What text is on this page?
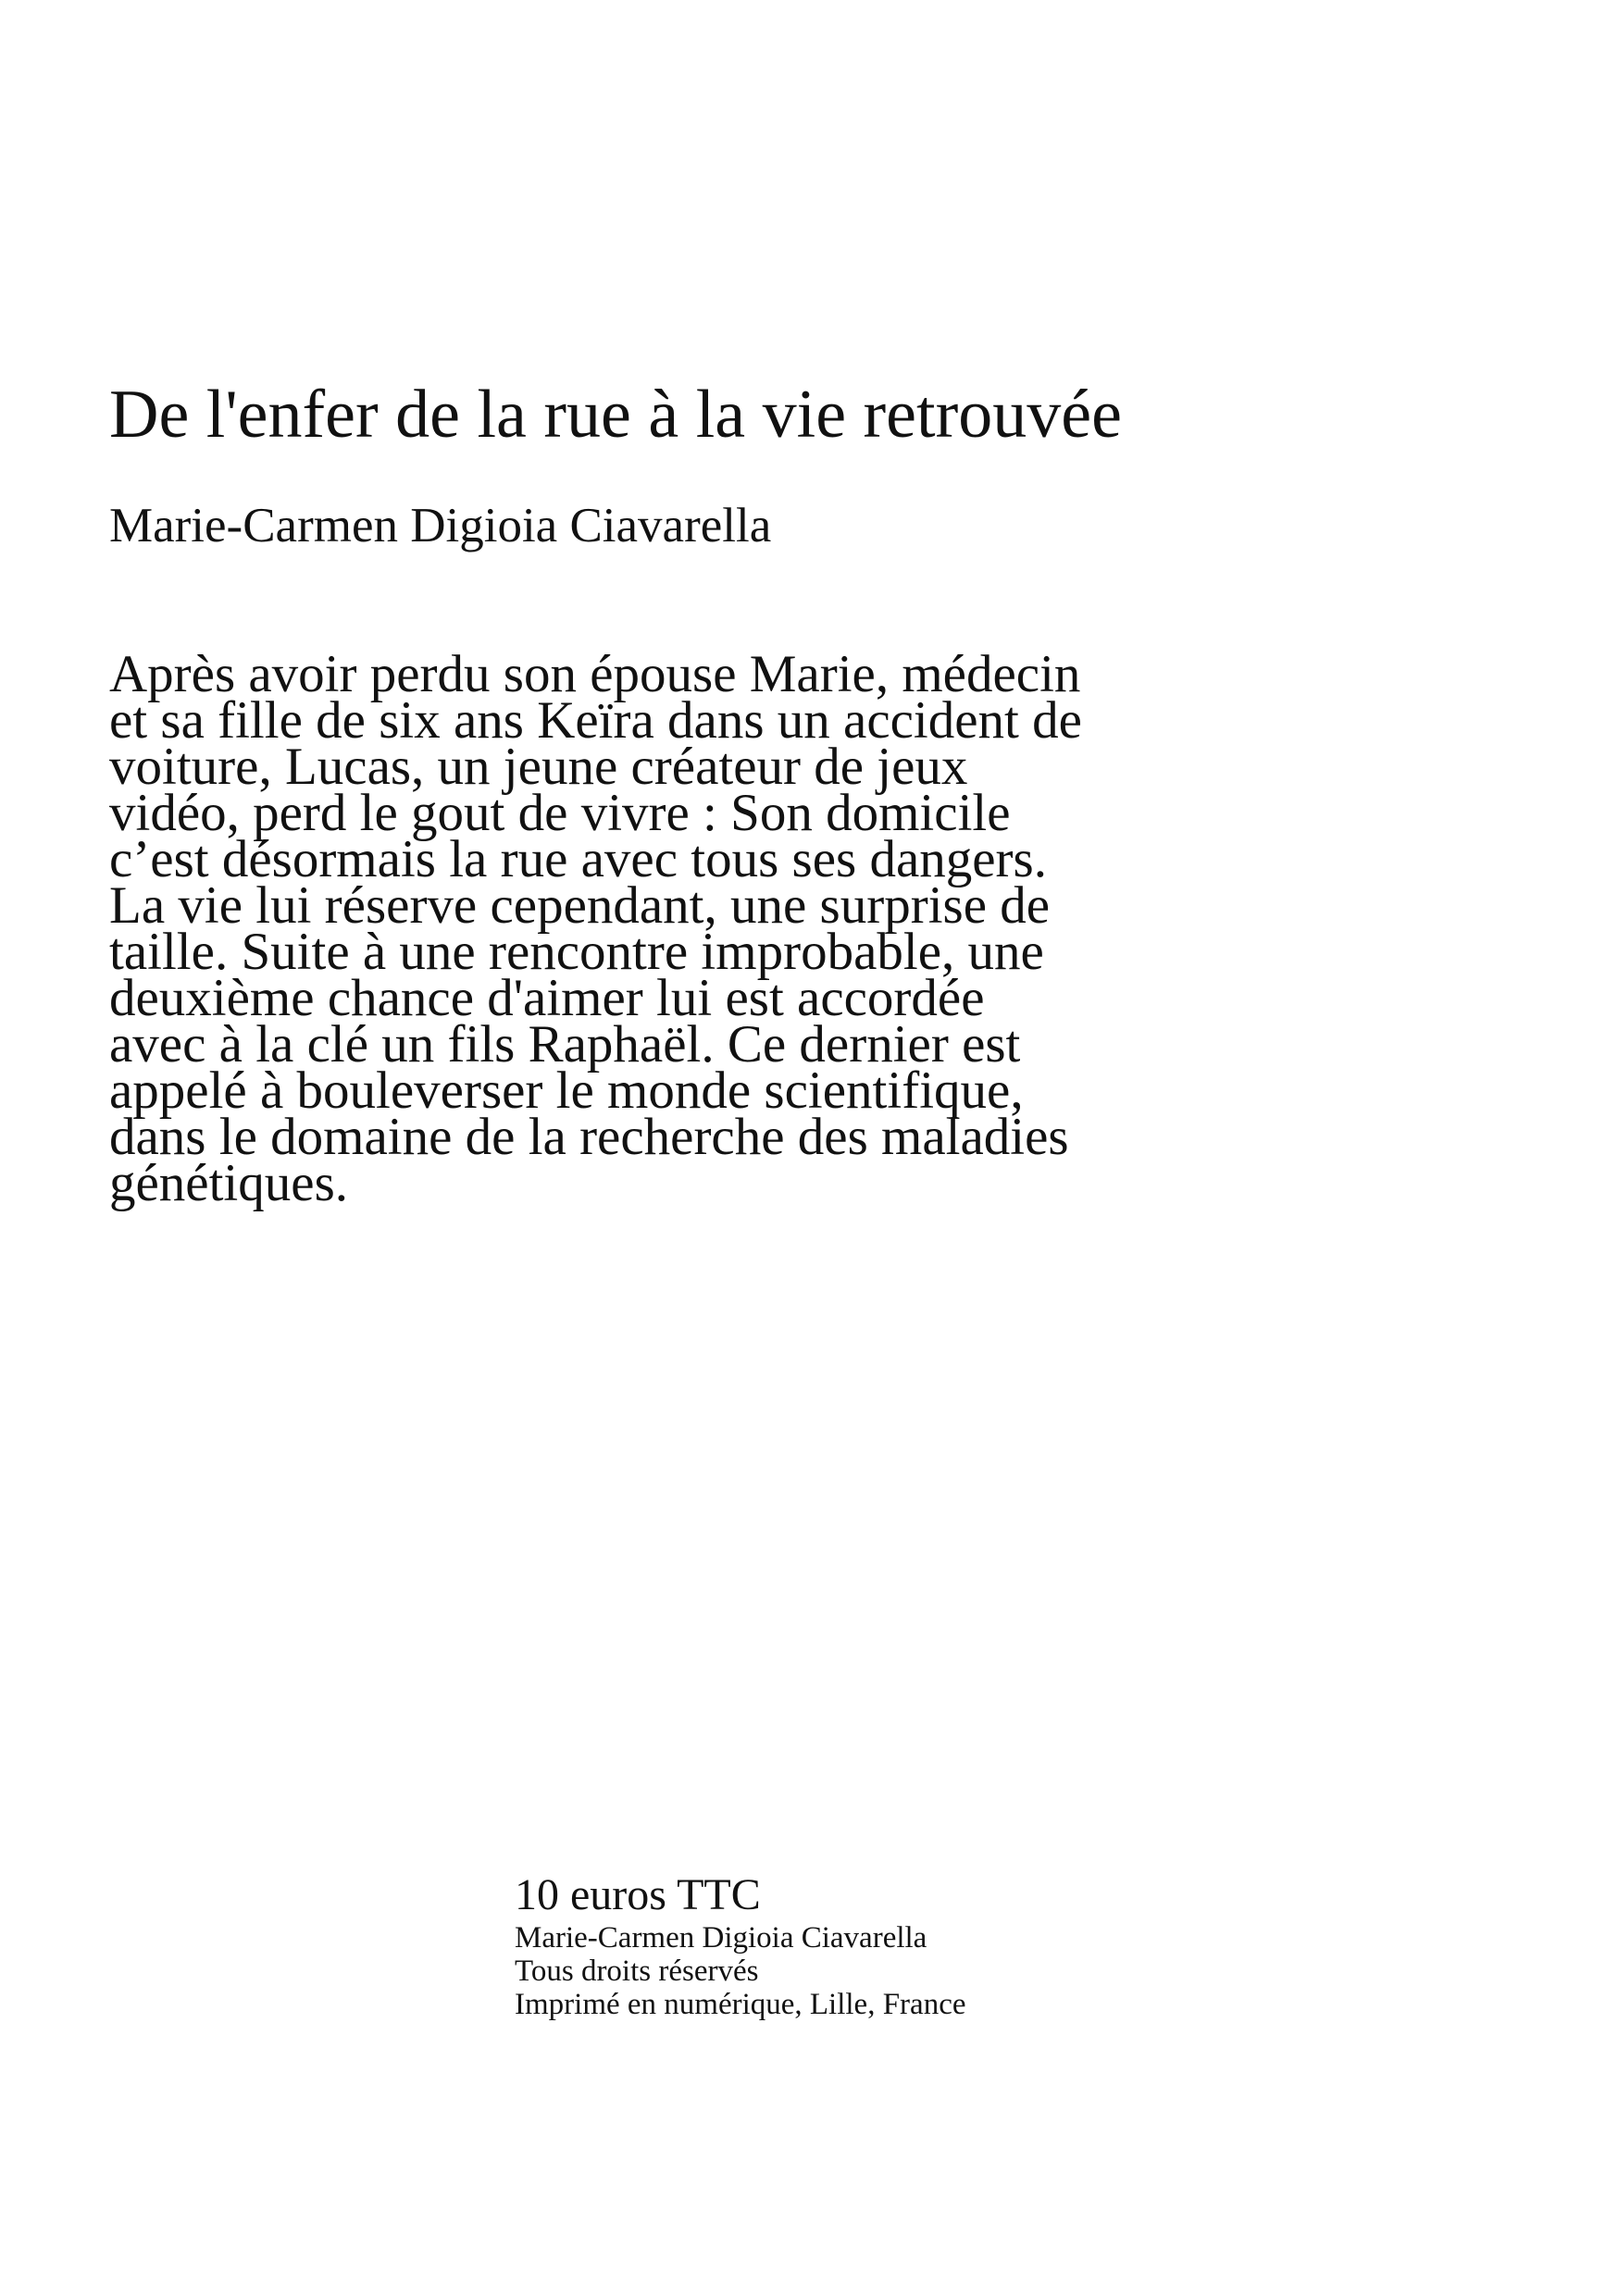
De l'enfer de la rue à la vie retrouvée
Marie-Carmen Digioia Ciavarella

Après avoir perdu son épouse Marie, médecin
et sa fille de six ans Keïra dans un accident de
voiture, Lucas, un jeune créateur de jeux
vidéo, perd le gout de vivre : Son domicile
c’est désormais la rue avec tous ses dangers.
La vie lui réserve cependant, une surprise de
taille. Suite à une rencontre improbable, une
deuxième chance d'aimer lui est accordée
avec à la clé un fils Raphaël. Ce dernier est
appelé à bouleverser le monde scientifique,
dans le domaine de la recherche des maladies
génétiques.

10 euros TTC
Marie-Carmen Digioia Ciavarella
Tous droits réservés
Imprimé en numérique, Lille, France
